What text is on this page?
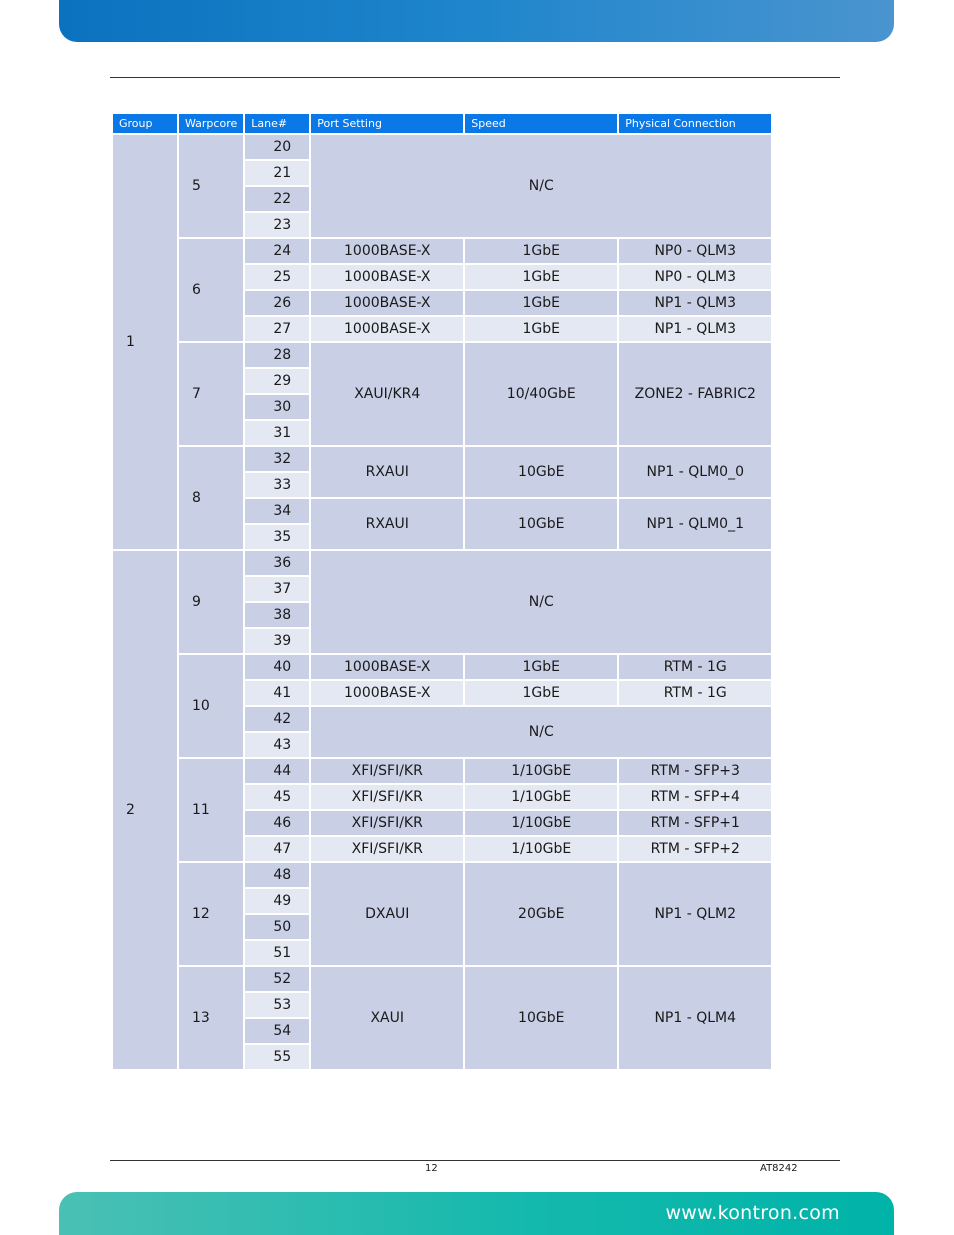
Group	Warpcore	Lane#	Port Setting	Speed	Physical Connection
1	5	20	N/C		
		21			
		22			
		23			
	6	24	1000BASE-X	1GbE	NP0 - QLM3
		25	1000BASE-X	1GbE	NP0 - QLM3
		26	1000BASE-X	1GbE	NP1 - QLM3
		27	1000BASE-X	1GbE	NP1 - QLM3
	7	28	XAUI/KR4	10/40GbE	ZONE2 - FABRIC2
		29			
		30			
		31			
	8	32	RXAUI	10GbE	NP1 - QLM0_0
		33			
		34	RXAUI	10GbE	NP1 - QLM0_1
		35			
2	9	36	N/C		
		37			
		38			
		39			
	10	40	1000BASE-X	1GbE	RTM - 1G
		41	1000BASE-X	1GbE	RTM - 1G
		42	N/C		
		43			
	11	44	XFI/SFI/KR	1/10GbE	RTM - SFP+3
		45	XFI/SFI/KR	1/10GbE	RTM - SFP+4
		46	XFI/SFI/KR	1/10GbE	RTM - SFP+1
		47	XFI/SFI/KR	1/10GbE	RTM - SFP+2
	12	48	DXAUI	20GbE	NP1 - QLM2
		49			
		50			
		51			
	13	52	XAUI	10GbE	NP1 - QLM4
		53			
		54			
		55			
12	AT8242
www.kontron.com
